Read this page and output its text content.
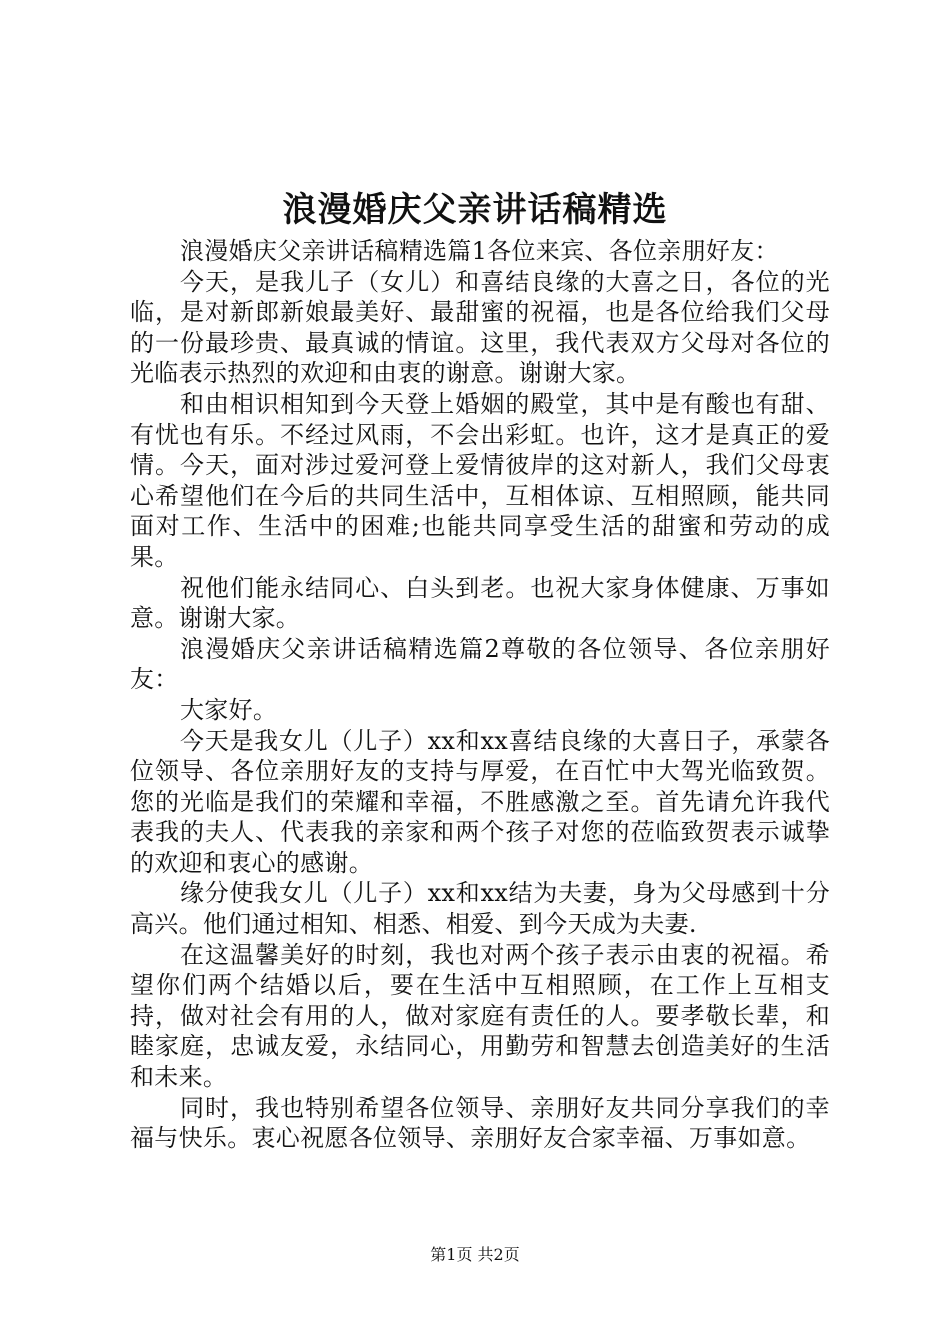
浪漫婚庆父亲讲话稿精选

浪漫婚庆父亲讲话稿精选篇1各位来宾、各位亲朋好友：

今天，是我儿子（女儿）和喜结良缘的大喜之日，各位的光临，是对新郎新娘最美好、最甜蜜的祝福，也是各位给我们父母的一份最珍贵、最真诚的情谊。这里，我代表双方父母对各位的光临表示热烈的欢迎和由衷的谢意。谢谢大家。

和由相识相知到今天登上婚姻的殿堂，其中是有酸也有甜、有忧也有乐。不经过风雨，不会出彩虹。也许，这才是真正的爱情。今天，面对涉过爱河登上爱情彼岸的这对新人，我们父母衷心希望他们在今后的共同生活中，互相体谅、互相照顾，能共同面对工作、生活中的困难;也能共同享受生活的甜蜜和劳动的成果。

祝他们能永结同心、白头到老。也祝大家身体健康、万事如意。谢谢大家。

浪漫婚庆父亲讲话稿精选篇2尊敬的各位领导、各位亲朋好友：

大家好。

今天是我女儿（儿子）xx和xx喜结良缘的大喜日子，承蒙各位领导、各位亲朋好友的支持与厚爱，在百忙中大驾光临致贺。您的光临是我们的荣耀和幸福，不胜感激之至。首先请允许我代表我的夫人、代表我的亲家和两个孩子对您的莅临致贺表示诚挚的欢迎和衷心的感谢。

缘分使我女儿（儿子）xx和xx结为夫妻，身为父母感到十分高兴。他们通过相知、相悉、相爱、到今天成为夫妻.

在这温馨美好的时刻，我也对两个孩子表示由衷的祝福。希望你们两个结婚以后，要在生活中互相照顾，在工作上互相支持，做对社会有用的人，做对家庭有责任的人。要孝敬长辈，和睦家庭，忠诚友爱，永结同心，用勤劳和智慧去创造美好的生活和未来。

同时，我也特别希望各位领导、亲朋好友共同分享我们的幸福与快乐。衷心祝愿各位领导、亲朋好友合家幸福、万事如意。

第1页 共2页
